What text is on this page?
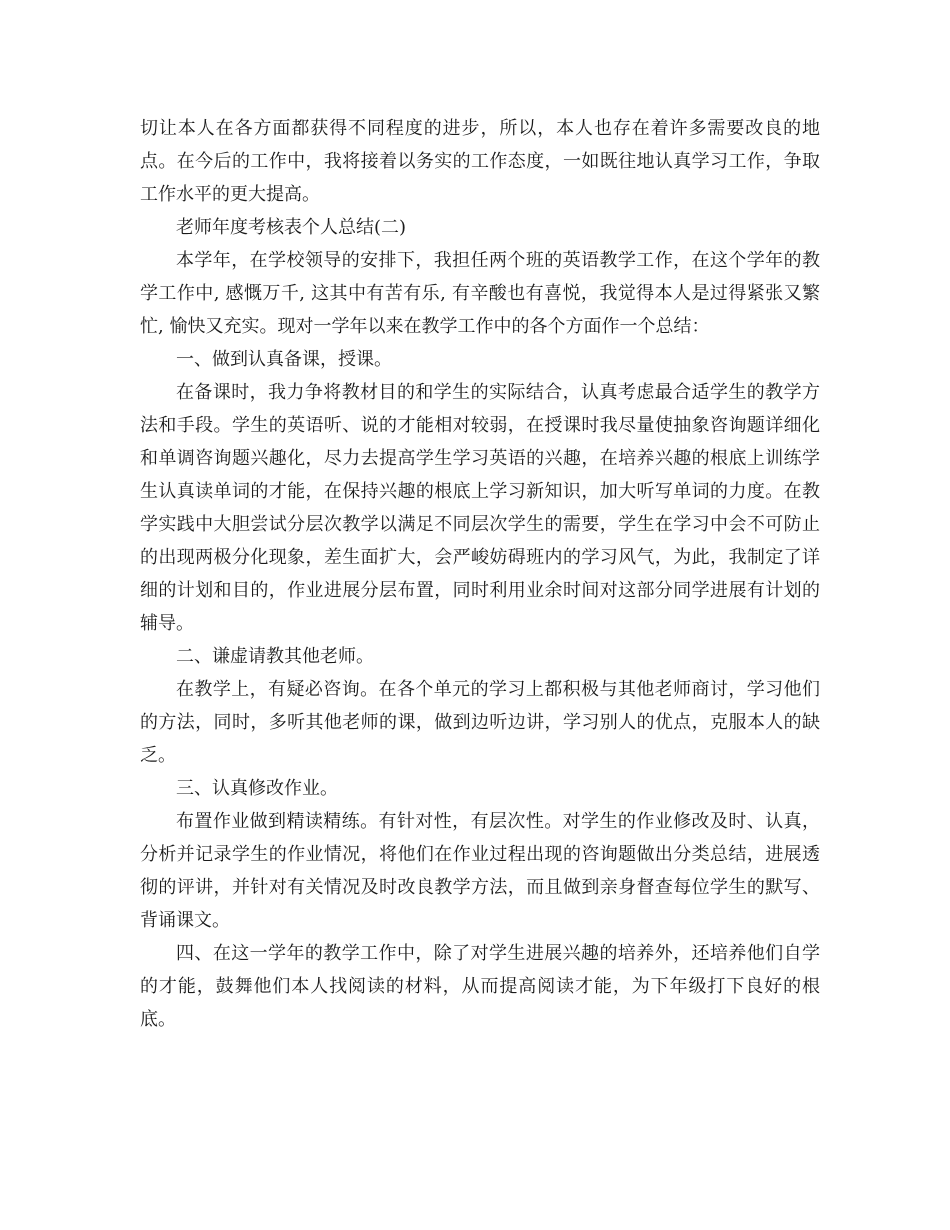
切让本人在各方面都获得不同程度的进步，所以，本人也存在着许多需要改良的地点。在今后的工作中，我将接着以务实的工作态度，一如既往地认真学习工作，争取工作水平的更大提高。

老师年度考核表个人总结(二)

本学年，在学校领导的安排下，我担任两个班的英语教学工作，在这个学年的教学工作中, 感慨万千, 这其中有苦有乐, 有辛酸也有喜悦，我觉得本人是过得紧张又繁忙, 愉快又充实。现对一学年以来在教学工作中的各个方面作一个总结：

一、做到认真备课，授课。

在备课时，我力争将教材目的和学生的实际结合，认真考虑最合适学生的教学方法和手段。学生的英语听、说的才能相对较弱，在授课时我尽量使抽象咨询题详细化和单调咨询题兴趣化，尽力去提高学生学习英语的兴趣，在培养兴趣的根底上训练学生认真读单词的才能，在保持兴趣的根底上学习新知识，加大听写单词的力度。在教学实践中大胆尝试分层次教学以满足不同层次学生的需要，学生在学习中会不可防止的出现两极分化现象，差生面扩大，会严峻妨碍班内的学习风气，为此，我制定了详细的计划和目的，作业进展分层布置，同时利用业余时间对这部分同学进展有计划的辅导。

二、谦虚请教其他老师。

在教学上，有疑必咨询。在各个单元的学习上都积极与其他老师商讨，学习他们的方法，同时，多听其他老师的课，做到边听边讲，学习别人的优点，克服本人的缺乏。

三、认真修改作业。

布置作业做到精读精练。有针对性，有层次性。对学生的作业修改及时、认真，分析并记录学生的作业情况，将他们在作业过程出现的咨询题做出分类总结，进展透彻的评讲，并针对有关情况及时改良教学方法，而且做到亲身督查每位学生的默写、背诵课文。

四、在这一学年的教学工作中，除了对学生进展兴趣的培养外，还培养他们自学的才能，鼓舞他们本人找阅读的材料，从而提高阅读才能，为下年级打下良好的根底。
